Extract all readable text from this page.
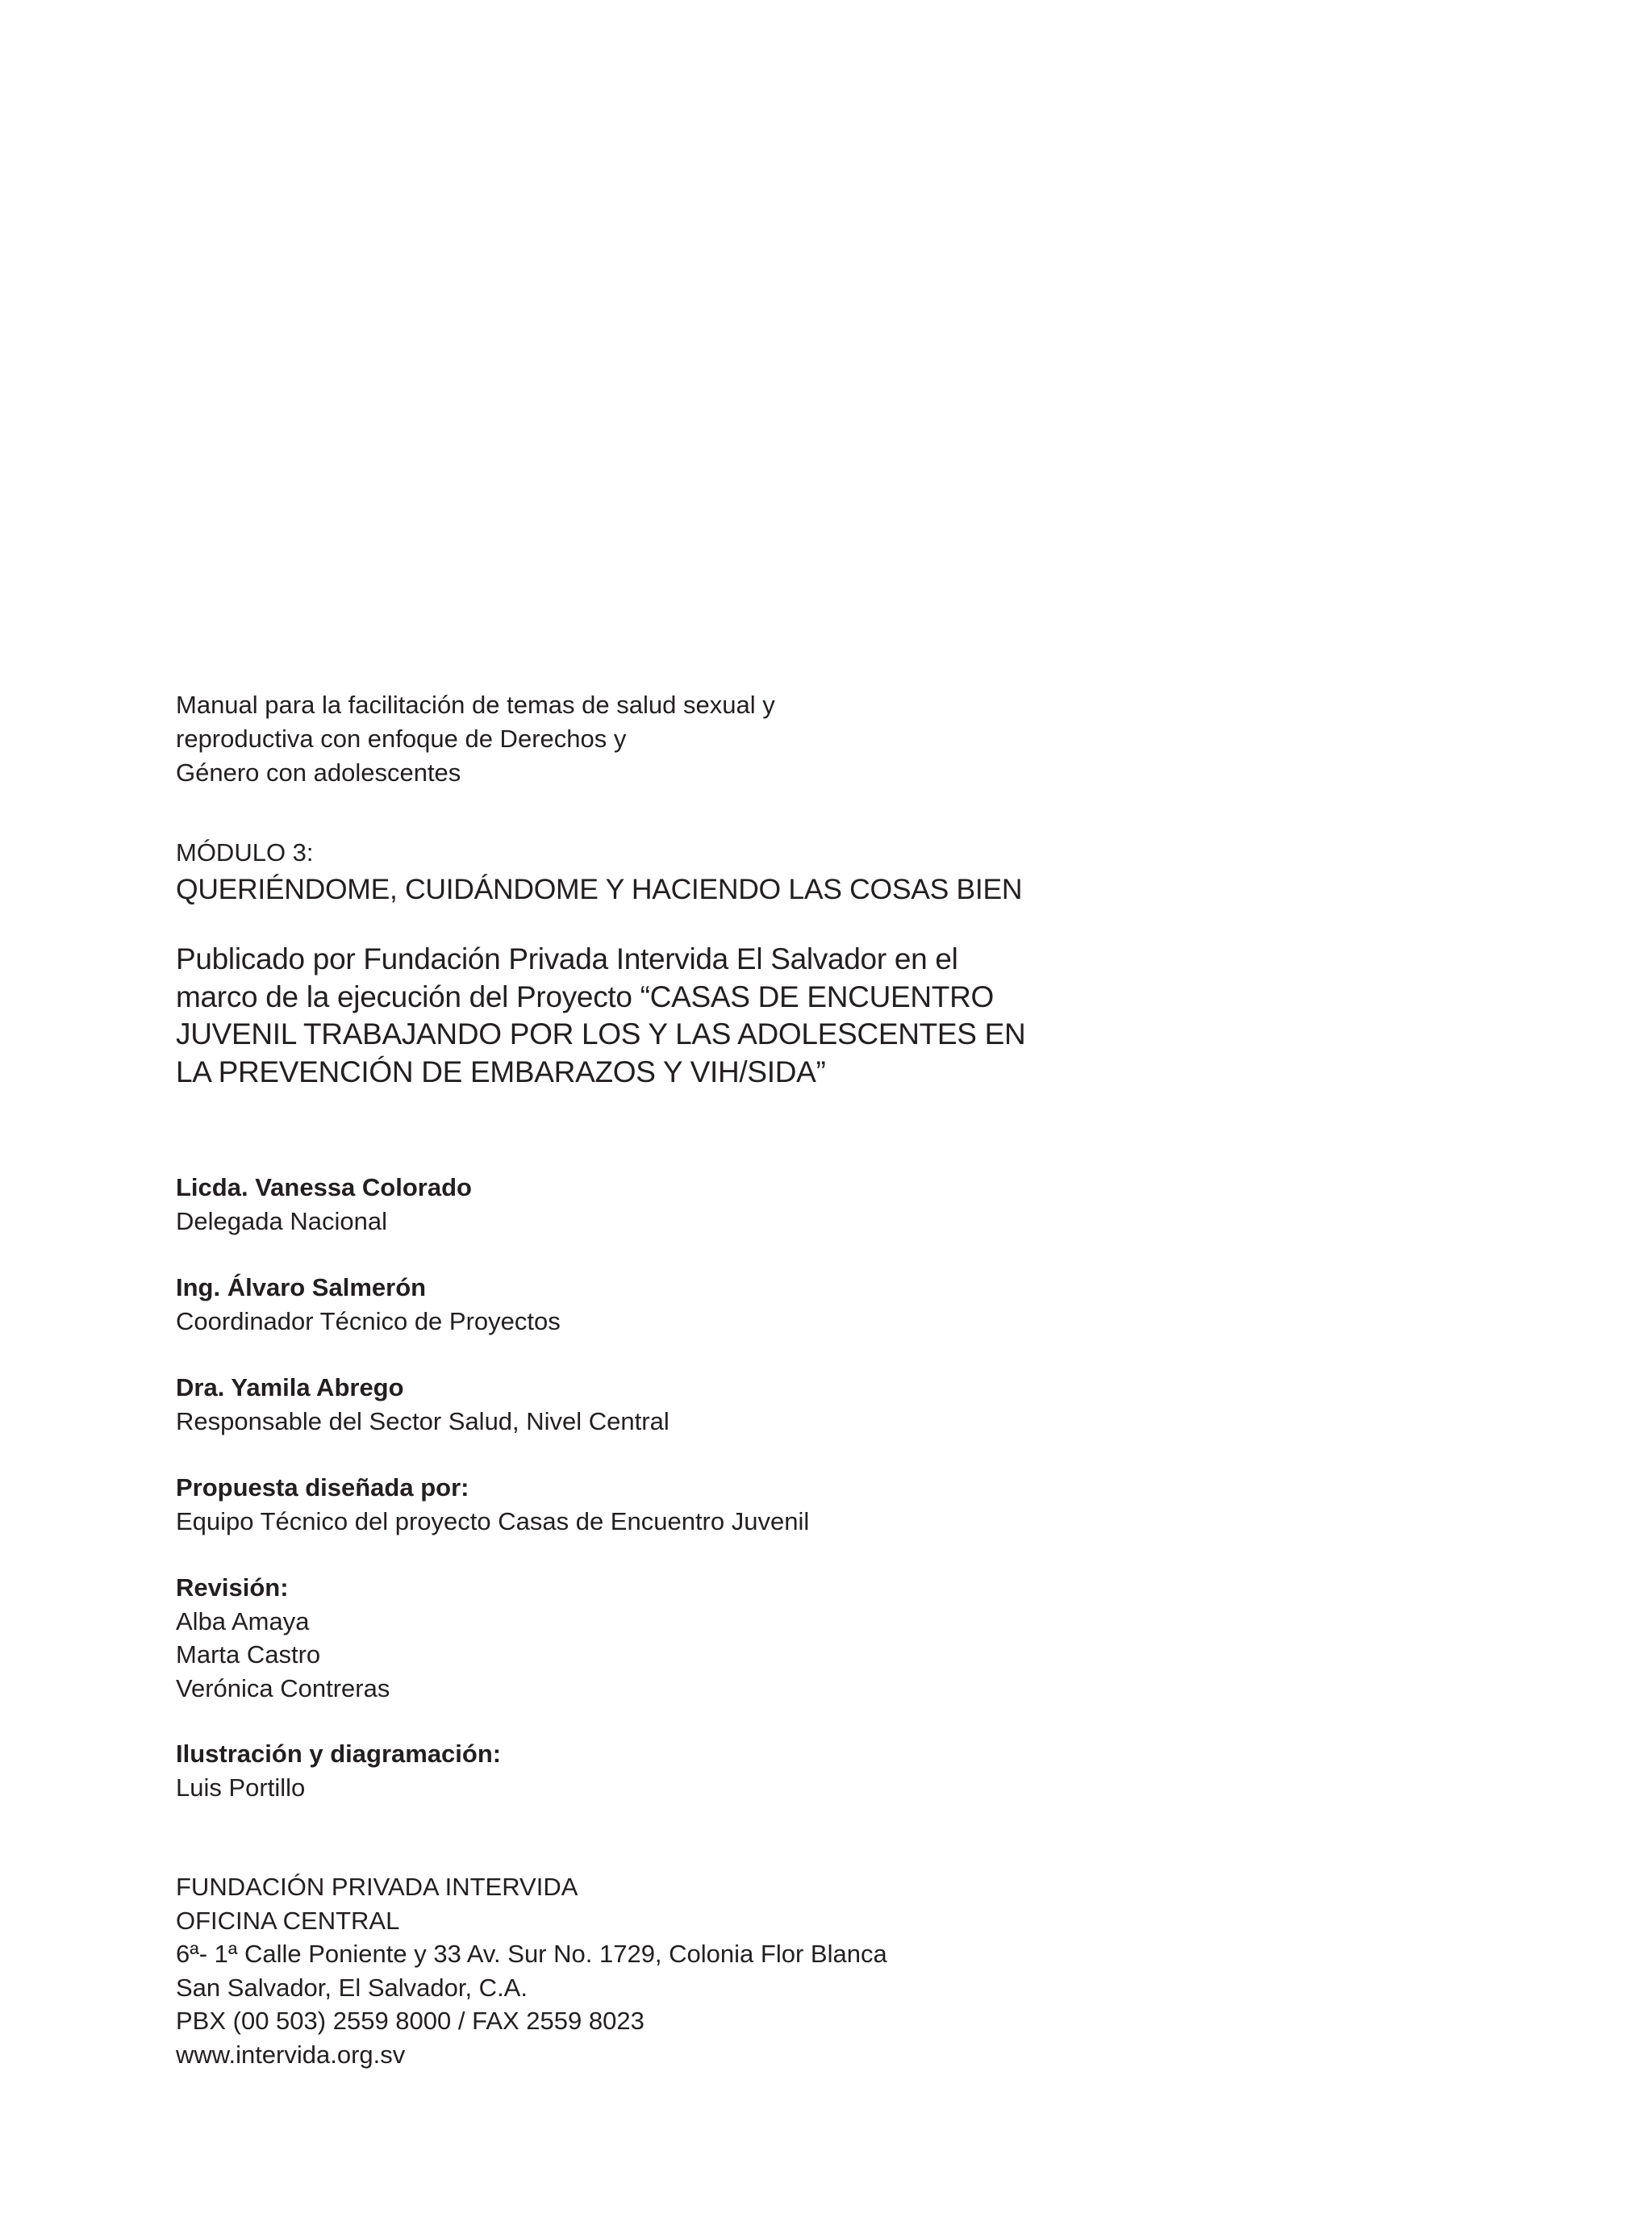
Manual para la facilitación de temas de salud sexual y

reproductiva con enfoque de Derechos y

Género con adolescentes

MÓDULO 3:

QUERIÉNDOME, CUIDÁNDOME Y HACIENDO LAS COSAS BIEN

Publicado por Fundación Privada Intervida El Salvador en el

marco de la ejecución del Proyecto “CASAS DE ENCUENTRO

JUVENIL TRABAJANDO POR LOS Y LAS ADOLESCENTES EN

LA PREVENCIÓN DE EMBARAZOS Y VIH/SIDA”

Licda. Vanessa Colorado

Delegada Nacional

Ing. Álvaro Salmerón

Coordinador Técnico de Proyectos

Dra. Yamila Abrego

Responsable del Sector Salud, Nivel Central

Propuesta diseñada por:

Equipo Técnico del proyecto Casas de Encuentro Juvenil

Revisión:

Alba Amaya

Marta Castro

Verónica Contreras

Ilustración y diagramación:

Luis Portillo

FUNDACIÓN PRIVADA INTERVIDA

OFICINA CENTRAL

6ª- 1ª Calle Poniente y 33 Av. Sur No. 1729, Colonia Flor Blanca

San Salvador, El Salvador, C.A.

PBX (00 503) 2559 8000 / FAX 2559 8023

www.intervida.org.sv
